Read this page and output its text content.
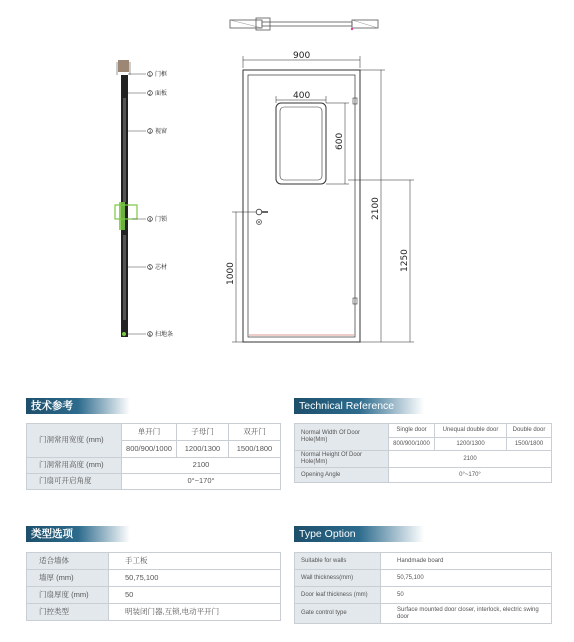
1
2
3
4
5
6
门框
面板
视窗
门锁
芯材
扫地条
900
400
600
2100
1000
1250
技术参考
门洞常用宽度 (mm)	单开门	子母门	双开门
	800/900/1000	1200/1300	1500/1800
门洞常用高度 (mm)	2100		
门扇可开启角度	0°~170°		
Technical Reference
Normal Width Of Door Hole(Mm)	Single door	Unequal double door	Double door
	800/900/1000	1200/1300	1500/1800
Normal Height Of Door Hole(Mm)	2100		
Opening Angle	0°~170°		
类型选项
适合墙体	手工板
墙厚 (mm)	50,75,100
门扇厚度 (mm)	50
门控类型	明装闭门器,互锁,电动平开门
Type Option
Suitable for walls	Handmade board
Wall thickness(mm)	50,75,100
Door leaf thickness (mm)	50
Gate control type	Surface mounted door closer, interlock, electric swing door
